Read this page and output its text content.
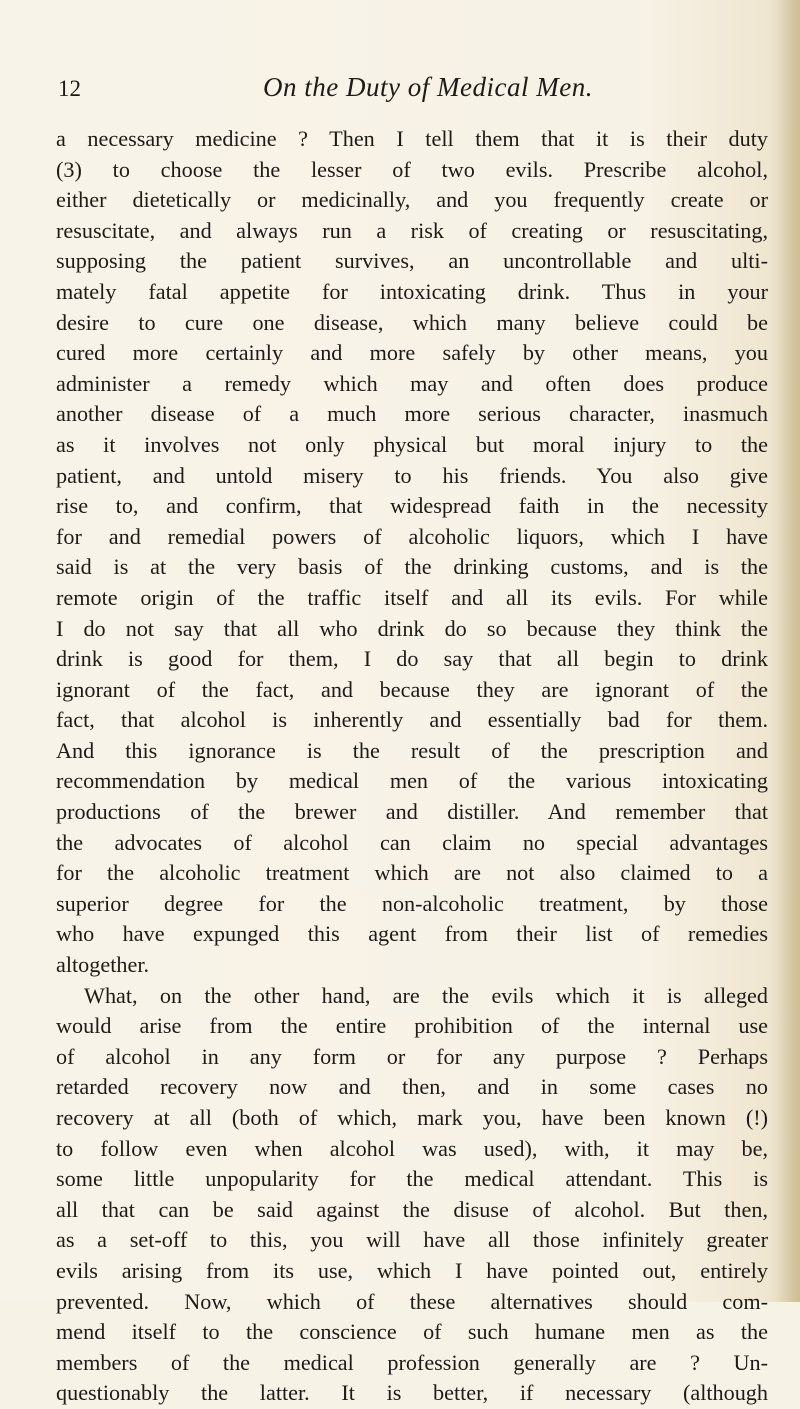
12	On the Duty of Medical Men.
a necessary medicine ? Then I tell them that it is their duty
(3) to choose the lesser of two evils. Prescribe alcohol,
either dietetically or medicinally, and you frequently create or
resuscitate, and always run a risk of creating or resuscitating,
supposing the patient survives, an uncontrollable and ulti-
mately fatal appetite for intoxicating drink. Thus in your
desire to cure one disease, which many believe could be
cured more certainly and more safely by other means, you
administer a remedy which may and often does produce
another disease of a much more serious character, inasmuch
as it involves not only physical but moral injury to the
patient, and untold misery to his friends. You also give
rise to, and confirm, that widespread faith in the necessity
for and remedial powers of alcoholic liquors, which I have
said is at the very basis of the drinking customs, and is the
remote origin of the traffic itself and all its evils. For while
I do not say that all who drink do so because they think the
drink is good for them, I do say that all begin to drink
ignorant of the fact, and because they are ignorant of the
fact, that alcohol is inherently and essentially bad for them.
And this ignorance is the result of the prescription and
recommendation by medical men of the various intoxicating
productions of the brewer and distiller. And remember that
the advocates of alcohol can claim no special advantages
for the alcoholic treatment which are not also claimed to a
superior degree for the non-alcoholic treatment, by those
who have expunged this agent from their list of remedies
altogether.
What, on the other hand, are the evils which it is alleged
would arise from the entire prohibition of the internal use
of alcohol in any form or for any purpose ? Perhaps
retarded recovery now and then, and in some cases no
recovery at all (both of which, mark you, have been known (!)
to follow even when alcohol was used), with, it may be,
some little unpopularity for the medical attendant. This is
all that can be said against the disuse of alcohol. But then,
as a set-off to this, you will have all those infinitely greater
evils arising from its use, which I have pointed out, entirely
prevented. Now, which of these alternatives should com-
mend itself to the conscience of such humane men as the
members of the medical profession generally are ? Un-
questionably the latter. It is better, if necessary (although
